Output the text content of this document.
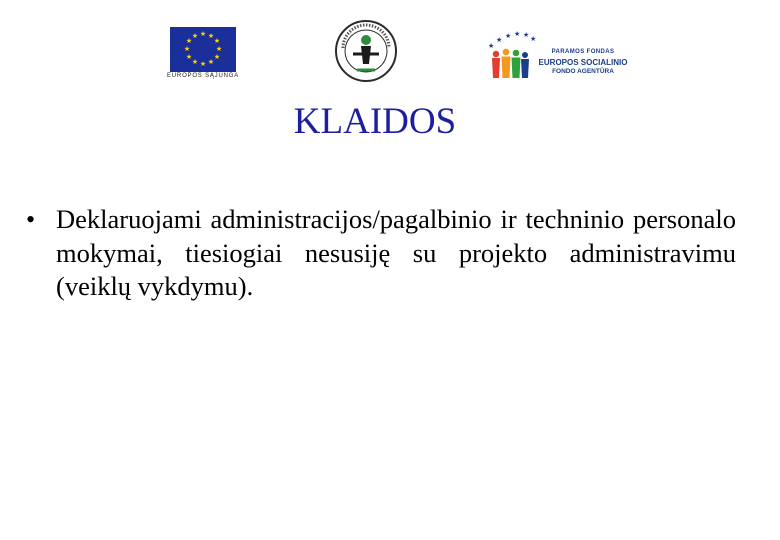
★ ★
★
★
★
★
★
★
★
★
★
★
EUROPOS SĄJUNGA
★
★ ★ ★ ★ ★
PARAMOS FONDAS
EUROPOS SOCIALINIO
FONDO AGENTŪRA
KLAIDOS
• Deklaruojami administracijos/pagalbinio ir techninio personalo mokymai, tiesiogiai nesusiję su projekto administravimu (veiklų vykdymu).
